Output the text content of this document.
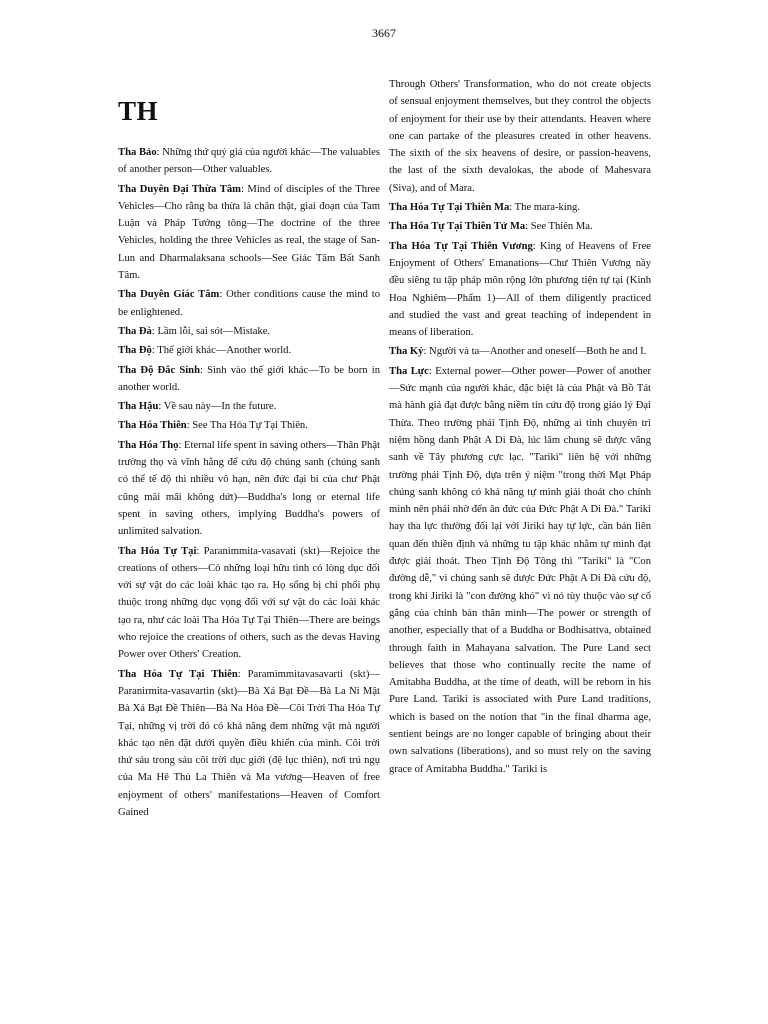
3667
TH

Tha Bảo: Những thứ quý giá của người khác—The valuables of another person—Other valuables.

Tha Duyên Đại Thừa Tâm: Mind of disciples of the Three Vehicles—Cho rằng ba thừa là chân thật, giai đoạn của Tam Luận và Pháp Tướng tông—The doctrine of the three Vehicles, holding the three Vehicles as real, the stage of San-Lun and Dharmalaksana schools—See Giác Tâm Bất Sanh Tâm.

Tha Duyên Giác Tâm: Other conditions cause the mind to be enlightened.

Tha Đà: Lầm lỗi, sai sót—Mistake.

Tha Độ: Thế giới khác—Another world.

Tha Độ Đắc Sinh: Sinh vào thế giới khác—To be born in another world.

Tha Hậu: Về sau này—In the future.

Tha Hóa Thiên: See Tha Hóa Tự Tại Thiên.

Tha Hóa Thọ: Eternal life spent in saving others—Thân Phật trường thọ và vĩnh hằng để cứu độ chúng sanh (chúng sanh có thể tế độ thì nhiều vô hạn, nên đức đại bi của chư Phật cũng mãi mãi không dứt)—Buddha's long or eternal life spent in saving others, implying Buddha's powers of unlimited salvation.

Tha Hóa Tự Tại: Paranimmita-vasavati (skt)—Rejoice the creations of others—Có những loại hữu tình có lòng dục đối với sự vật do các loài khác tạo ra. Họ sống bị chi phối phụ thuộc trong những dục vọng đối với sự vật do các loài khác tạo ra, như các loài Tha Hóa Tự Tại Thiên—There are beings who rejoice the creations of others, such as the devas Having Power over Others' Creation.

Tha Hóa Tự Tại Thiên: Paramimmitavasavarti (skt)—Paranirmita-vasavartin (skt)—Bà Xá Bạt Đề—Bà La Ni Mật Bà Xá Bạt Đề Thiên—Bà Na Hòa Đề—Cõi Trời Tha Hóa Tự Tại, những vị trời đó có khả năng đem những vật mà người khác tạo nên đặt dưới quyền điều khiển của mình. Cõi trời thứ sáu trong sáu cõi trời dục giới (đệ lục thiên), nơi trú ngụ của Ma Hê Thủ La Thiên và Ma vương—Heaven of free enjoyment of others' manifestations—Heaven of Comfort Gained

Through Others' Transformation, who do not create objects of sensual enjoyment themselves, but they control the objects of enjoyment for their use by their attendants. Heaven where one can partake of the pleasures created in other heavens. The sixth of the six heavens of desire, or passion-heavens, the last of the sixth devalokas, the abode of Mahesvara (Siva), and of Mara.

Tha Hóa Tự Tại Thiên Ma: The mara-king.

Tha Hóa Tự Tại Thiên Tử Ma: See Thiên Ma.

Tha Hóa Tự Tại Thiên Vương: King of Heavens of Free Enjoyment of Others' Emanations—Chư Thiên Vương nầy đều siêng tu tập pháp môn rộng lớn phương tiện tự tại (Kinh Hoa Nghiêm—Phẩm 1)—All of them diligently practiced and studied the vast and great teaching of independent in means of liberation.

Tha Kỷ: Người và ta—Another and oneself—Both he and I.

Tha Lực: External power—Other power—Power of another—Sức mạnh của người khác, đặc biệt là của Phật và Bồ Tát mà hành giả đạt được bằng niềm tin cứu độ trong giáo lý Đại Thừa. Theo trường phái Tịnh Độ, những ai tinh chuyên trì niệm hồng danh Phật A Di Đà, lúc lâm chung sẽ được vãng sanh về Tây phương cực lạc. "Tariki" liên hệ với những trường phái Tịnh Độ, dựa trên ý niệm "trong thời Mạt Pháp chúng sanh không có khả năng tự mình giải thoát cho chính mình nên phải nhờ đến ân đức của Đức Phật A Di Đà." Tariki hay tha lực thường đối lại với Jiriki hay tự lực, cần bản liên quan đến thiền định và những tu tập khác nhằm tự mình đạt được giải thoát. Theo Tịnh Độ Tông thì "Tariki" là "Con đường dễ," vì chúng sanh sẽ được Đức Phật A Di Đà cứu độ, trong khi Jiriki là "con đường khó" vì nó tùy thuộc vào sự cố gắng của chính bản thân mình—The power or strength of another, especially that of a Buddha or Bodhisattva, obtained through faith in Mahayana salvation. The Pure Land sect believes that those who continually recite the name of Amitabha Buddha, at the time of death, will be reborn in his Pure Land. Tariki is associated with Pure Land traditions, which is based on the notion that "in the final dharma age, sentient beings are no longer capable of bringing about their own salvations (liberations), and so must rely on the saving grace of Amitabha Buddha." Tariki is
